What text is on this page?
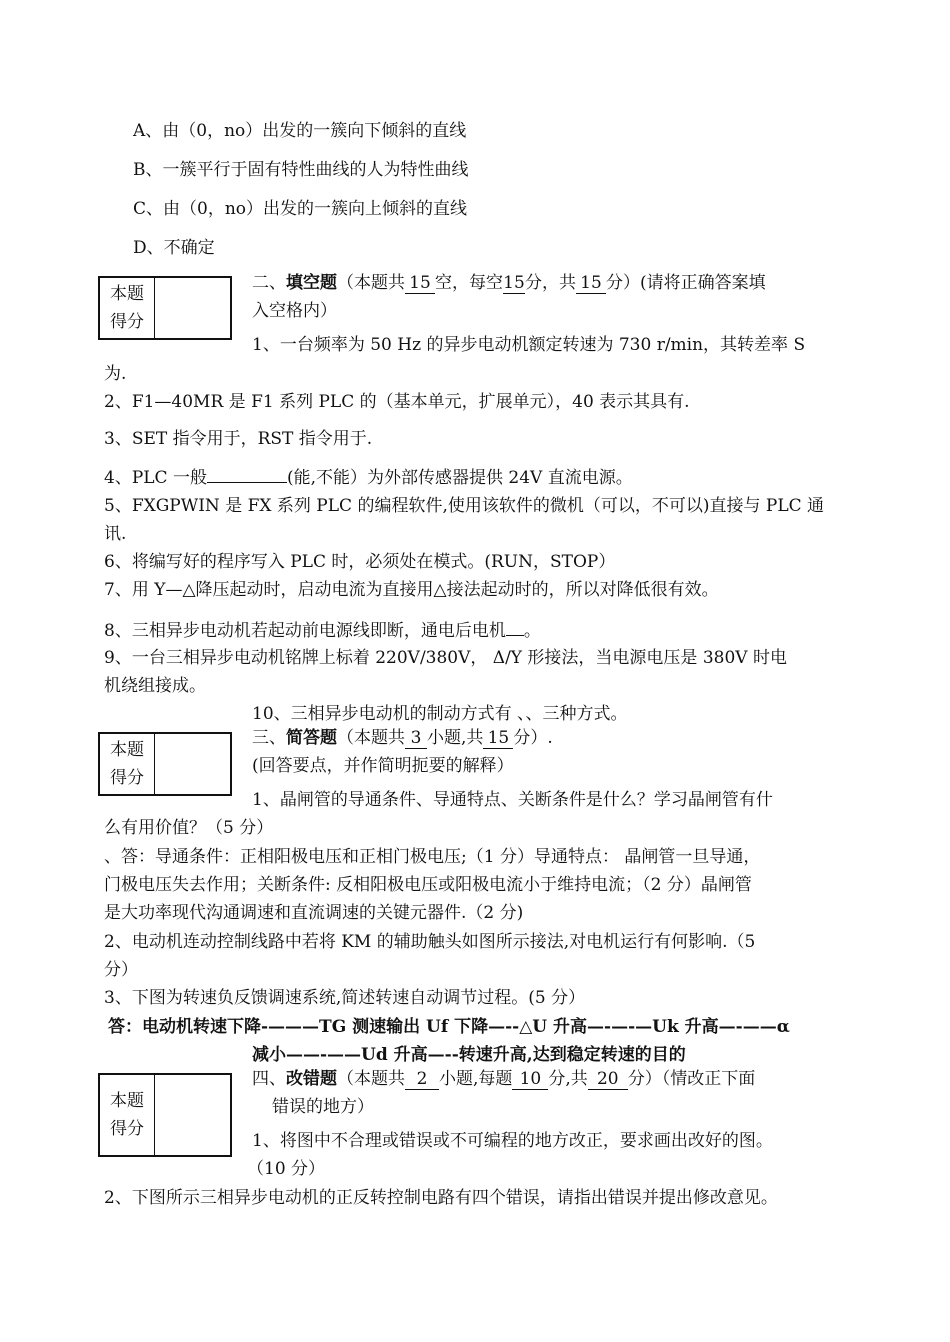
A、由（0，no）出发的一簇向下倾斜的直线
B、一簇平行于固有特性曲线的人为特性曲线
C、由（0，no）出发的一簇向上倾斜的直线
D、不确定
本题
得分
二、填空题（本题共 15 空，每空15分，共 15 分）(请将正确答案填
入空格内）
1、一台频率为 50 Hz 的异步电动机额定转速为 730 r/min，其转差率 S
为.
2、F1—40MR 是 F1 系列 PLC 的（基本单元，扩展单元），40 表示其具有.
3、SET 指令用于，RST 指令用于.
4、PLC 一般	(能,不能）为外部传感器提供 24V 直流电源。
5、FXGPWIN 是 FX 系列 PLC 的编程软件,使用该软件的微机（可以，不可以)直接与 PLC 通
讯.
6、将编写好的程序写入 PLC 时，必须处在模式。(RUN，STOP）
7、用 Y—△降压起动时，启动电流为直接用△接法起动时的，所以对降低很有效。
8、三相异步电动机若起动前电源线即断，通电后电机 。
9、一台三相异步电动机铭牌上标着 220V/380V， Δ/Y 形接法，当电源电压是 380V 时电
机绕组接成。
10、三相异步电动机的制动方式有 、、三种方式。
本题
得分
三、简答题（本题共 3 小题,共 15 分）.
(回答要点，并作简明扼要的解释）
1、晶闸管的导通条件、导通特点、关断条件是什么？学习晶闸管有什
么有用价值？（5 分）
、答：导通条件：正相阳极电压和正相门极电压;（1 分）导通特点： 晶闸管一旦导通，
门极电压失去作用；关断条件: 反相阳极电压或阳极电流小于维持电流；（2 分）晶闸管
是大功率现代沟通调速和直流调速的关键元器件.（2 分)
2、电动机连动控制线路中若将 KM 的辅助触头如图所示接法,对电机运行有何影响.（5
分）
3、下图为转速负反馈调速系统,简述转速自动调节过程。(5 分）
答：电动机转速下降-———TG 测速输出 Uf 下降—--△U 升高—-—-—Uk 升高—-——α
减小——-——Ud 升高—--转速升高,达到稳定转速的目的
本题
得分
四、改错题（本题共 2 小题,每题 10 分,共 20 分）（情改正下面
错误的地方）
1、将图中不合理或错误或不可编程的地方改正，要求画出改好的图。
（10 分）
2、下图所示三相异步电动机的正反转控制电路有四个错误，请指出错误并提出修改意见。
